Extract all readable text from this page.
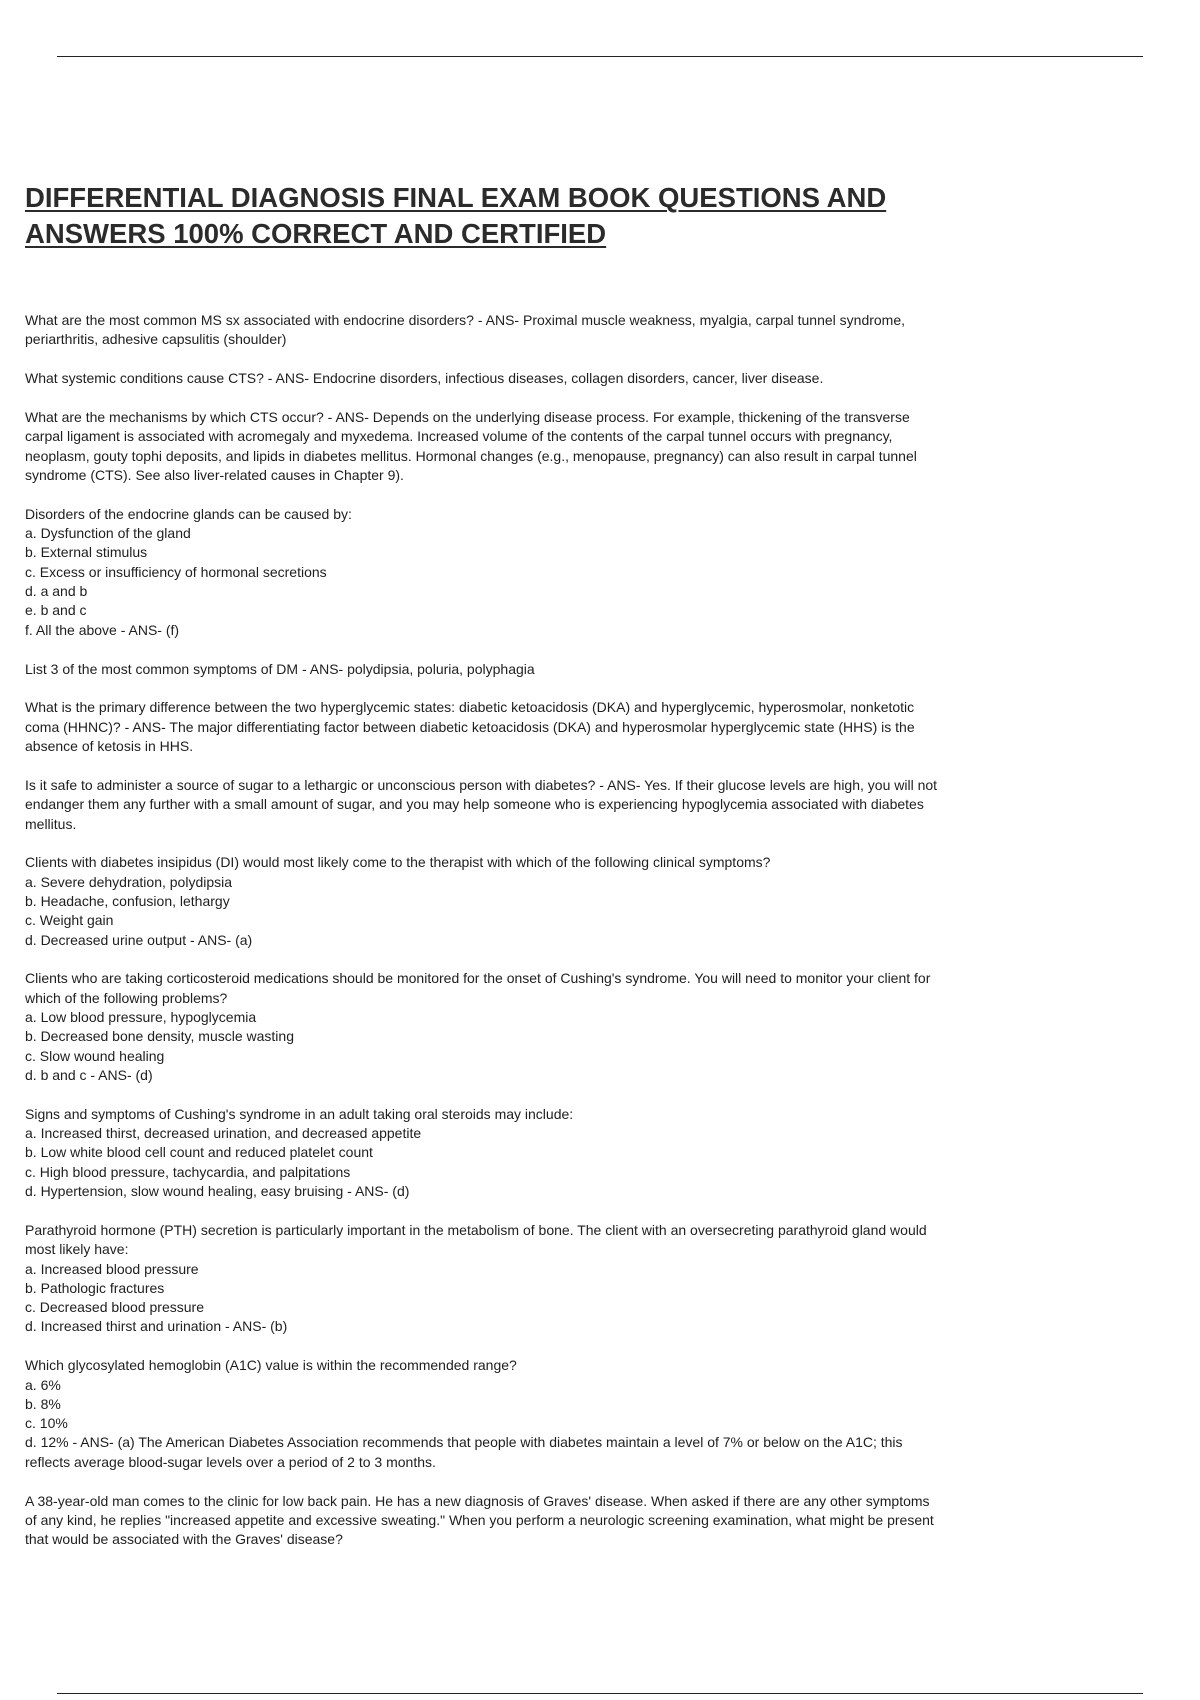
DIFFERENTIAL DIAGNOSIS FINAL EXAM BOOK QUESTIONS AND
ANSWERS 100% CORRECT AND CERTIFIED
What are the most common MS sx associated with endocrine disorders? - ANS- Proximal muscle weakness, myalgia, carpal tunnel syndrome,
periarthritis, adhesive capsulitis (shoulder)
What systemic conditions cause CTS? - ANS- Endocrine disorders, infectious diseases, collagen disorders, cancer, liver disease.
What are the mechanisms by which CTS occur? - ANS- Depends on the underlying disease process. For example, thickening of the transverse
carpal ligament is associated with acromegaly and myxedema. Increased volume of the contents of the carpal tunnel occurs with pregnancy,
neoplasm, gouty tophi deposits, and lipids in diabetes mellitus. Hormonal changes (e.g., menopause, pregnancy) can also result in carpal tunnel
syndrome (CTS). See also liver-related causes in Chapter 9).
Disorders of the endocrine glands can be caused by:
a. Dysfunction of the gland
b. External stimulus
c. Excess or insufficiency of hormonal secretions
d. a and b
e. b and c
f. All the above - ANS- (f)
List 3 of the most common symptoms of DM - ANS- polydipsia, poluria, polyphagia
What is the primary difference between the two hyperglycemic states: diabetic ketoacidosis (DKA) and hyperglycemic, hyperosmolar, nonketotic
coma (HHNC)? - ANS- The major differentiating factor between diabetic ketoacidosis (DKA) and hyperosmolar hyperglycemic state (HHS) is the
absence of ketosis in HHS.
Is it safe to administer a source of sugar to a lethargic or unconscious person with diabetes? - ANS- Yes. If their glucose levels are high, you will not
endanger them any further with a small amount of sugar, and you may help someone who is experiencing hypoglycemia associated with diabetes
mellitus.
Clients with diabetes insipidus (DI) would most likely come to the therapist with which of the following clinical symptoms?
a. Severe dehydration, polydipsia
b. Headache, confusion, lethargy
c. Weight gain
d. Decreased urine output - ANS- (a)
Clients who are taking corticosteroid medications should be monitored for the onset of Cushing's syndrome. You will need to monitor your client for
which of the following problems?
a. Low blood pressure, hypoglycemia
b. Decreased bone density, muscle wasting
c. Slow wound healing
d. b and c - ANS- (d)
Signs and symptoms of Cushing's syndrome in an adult taking oral steroids may include:
a. Increased thirst, decreased urination, and decreased appetite
b. Low white blood cell count and reduced platelet count
c. High blood pressure, tachycardia, and palpitations
d. Hypertension, slow wound healing, easy bruising - ANS- (d)
Parathyroid hormone (PTH) secretion is particularly important in the metabolism of bone. The client with an oversecreting parathyroid gland would
most likely have:
a. Increased blood pressure
b. Pathologic fractures
c. Decreased blood pressure
d. Increased thirst and urination - ANS- (b)
Which glycosylated hemoglobin (A1C) value is within the recommended range?
a. 6%
b. 8%
c. 10%
d. 12% - ANS- (a) The American Diabetes Association recommends that people with diabetes maintain a level of 7% or below on the A1C; this
reflects average blood-sugar levels over a period of 2 to 3 months.
A 38-year-old man comes to the clinic for low back pain. He has a new diagnosis of Graves' disease. When asked if there are any other symptoms
of any kind, he replies "increased appetite and excessive sweating." When you perform a neurologic screening examination, what might be present
that would be associated with the Graves' disease?
